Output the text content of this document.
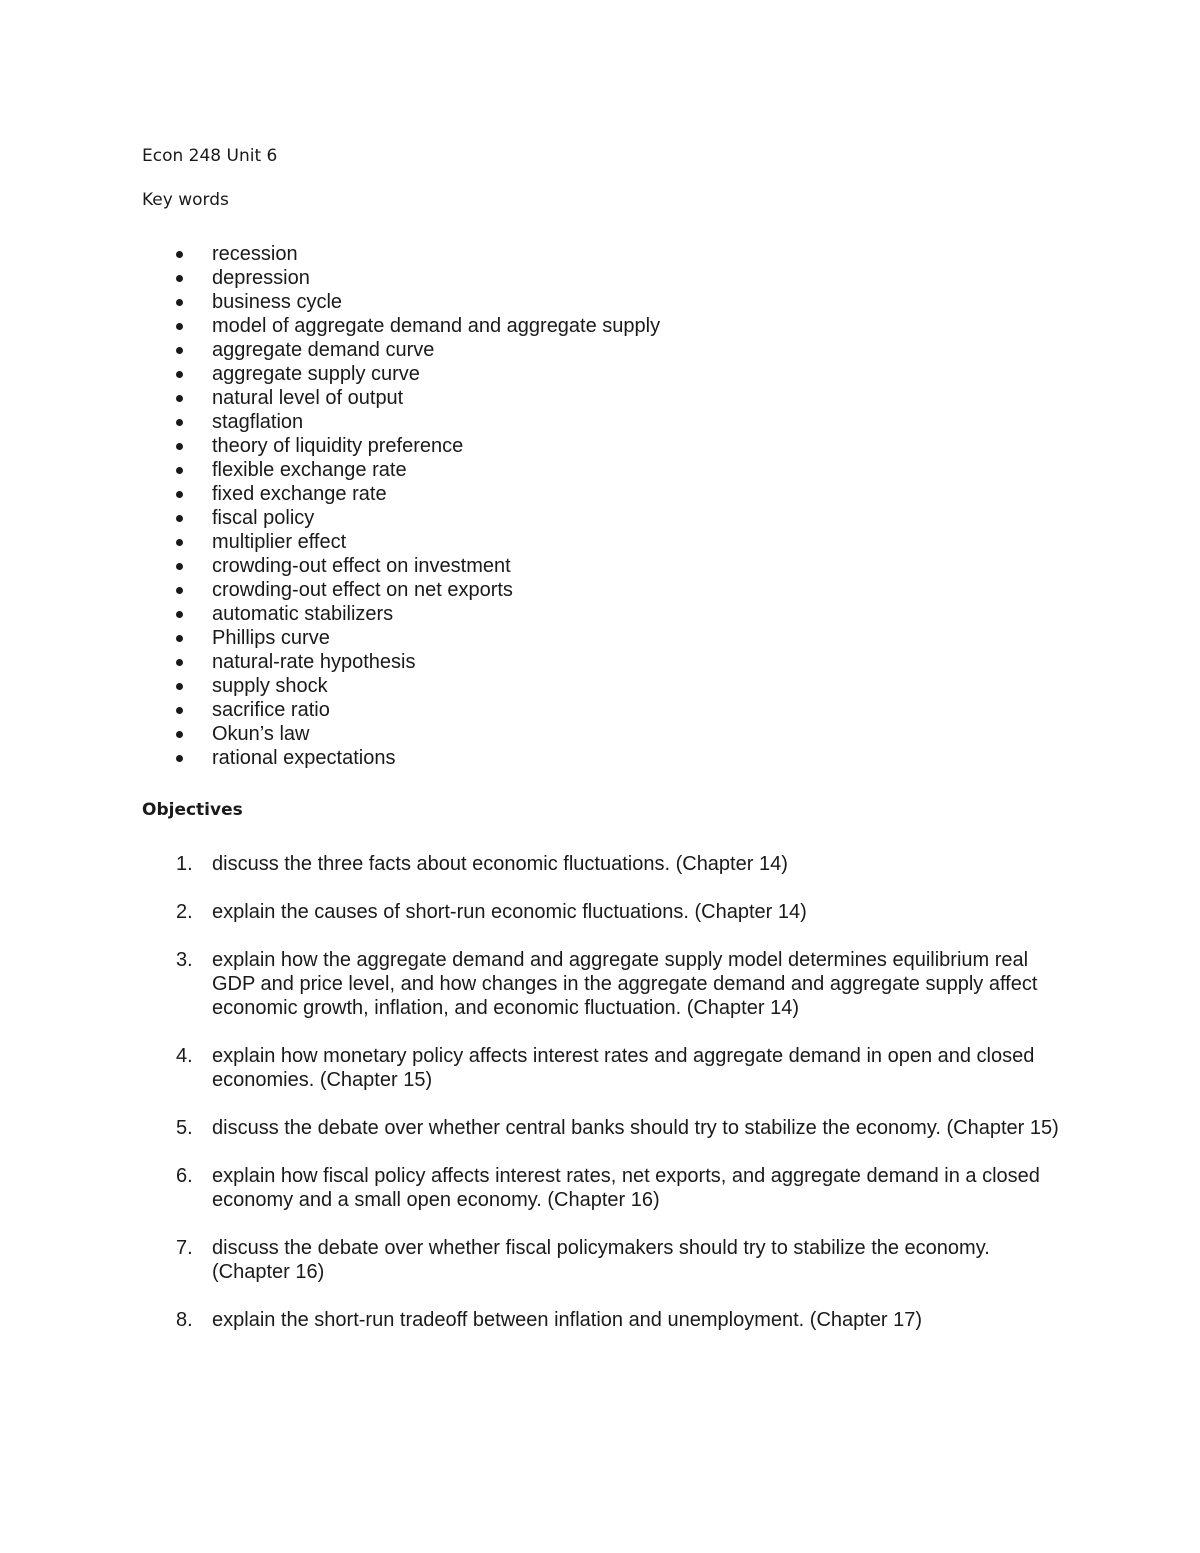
Econ 248 Unit 6
Key words
recession
depression
business cycle
model of aggregate demand and aggregate supply
aggregate demand curve
aggregate supply curve
natural level of output
stagflation
theory of liquidity preference
flexible exchange rate
fixed exchange rate
fiscal policy
multiplier effect
crowding-out effect on investment
crowding-out effect on net exports
automatic stabilizers
Phillips curve
natural-rate hypothesis
supply shock
sacrifice ratio
Okun’s law
rational expectations
Objectives
1. discuss the three facts about economic fluctuations. (Chapter 14)
2. explain the causes of short-run economic fluctuations. (Chapter 14)
3. explain how the aggregate demand and aggregate supply model determines equilibrium real GDP and price level, and how changes in the aggregate demand and aggregate supply affect economic growth, inflation, and economic fluctuation. (Chapter 14)
4. explain how monetary policy affects interest rates and aggregate demand in open and closed economies. (Chapter 15)
5. discuss the debate over whether central banks should try to stabilize the economy. (Chapter 15)
6. explain how fiscal policy affects interest rates, net exports, and aggregate demand in a closed economy and a small open economy. (Chapter 16)
7. discuss the debate over whether fiscal policymakers should try to stabilize the economy. (Chapter 16)
8. explain the short-run tradeoff between inflation and unemployment. (Chapter 17)
